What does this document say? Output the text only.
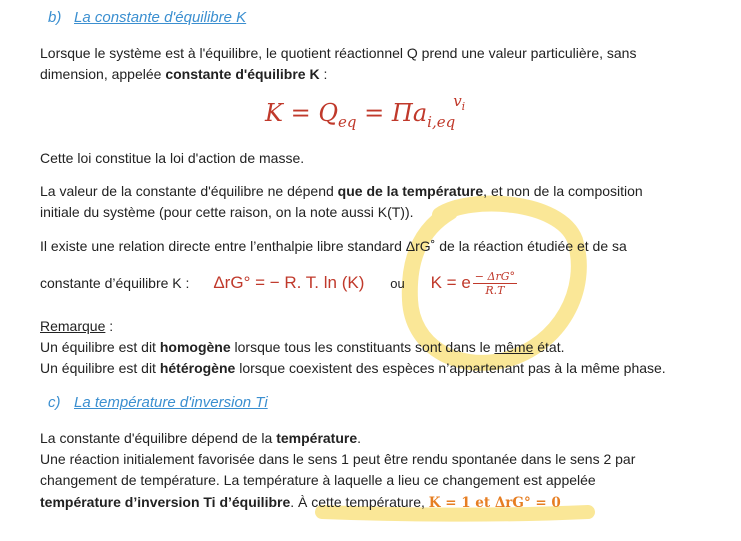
b) La constante d'équilibre K
Lorsque le système est à l'équilibre, le quotient réactionnel Q prend une valeur particulière, sans
dimension, appelée constante d'équilibre K :
$K = Q_{eq} = \Pi a_{i,eq}^{v_i}$
Cette loi constitue la loi d'action de masse.
La valeur de la constante d'équilibre ne dépend que de la température, et non de la composition
initiale du système (pour cette raison, on la note aussi K(T)).
Il existe une relation directe entre l’enthalpie libre standard ΔrG˚ de la réaction étudiée et de sa
constante d’équilibre K : ΔrG° = − R. T. ln (K) ou K = e $\frac{\text{− ΔrG°}}{R.T}$
Remarque :
Un équilibre est dit homogène lorsque tous les constituants sont dans le même état.
Un équilibre est dit hétérogène lorsque coexistent des espèces n’appartenant pas à la même phase.
c) La température d'inversion Ti
La constante d'équilibre dépend de la température.
Une réaction initialement favorisée dans le sens 1 peut être rendu spontanée dans le sens 2 par
changement de température. La température à laquelle a lieu ce changement est appelée
température d’inversion Ti d’équilibre. À cette température, K = 1 et ΔrG° = 0
